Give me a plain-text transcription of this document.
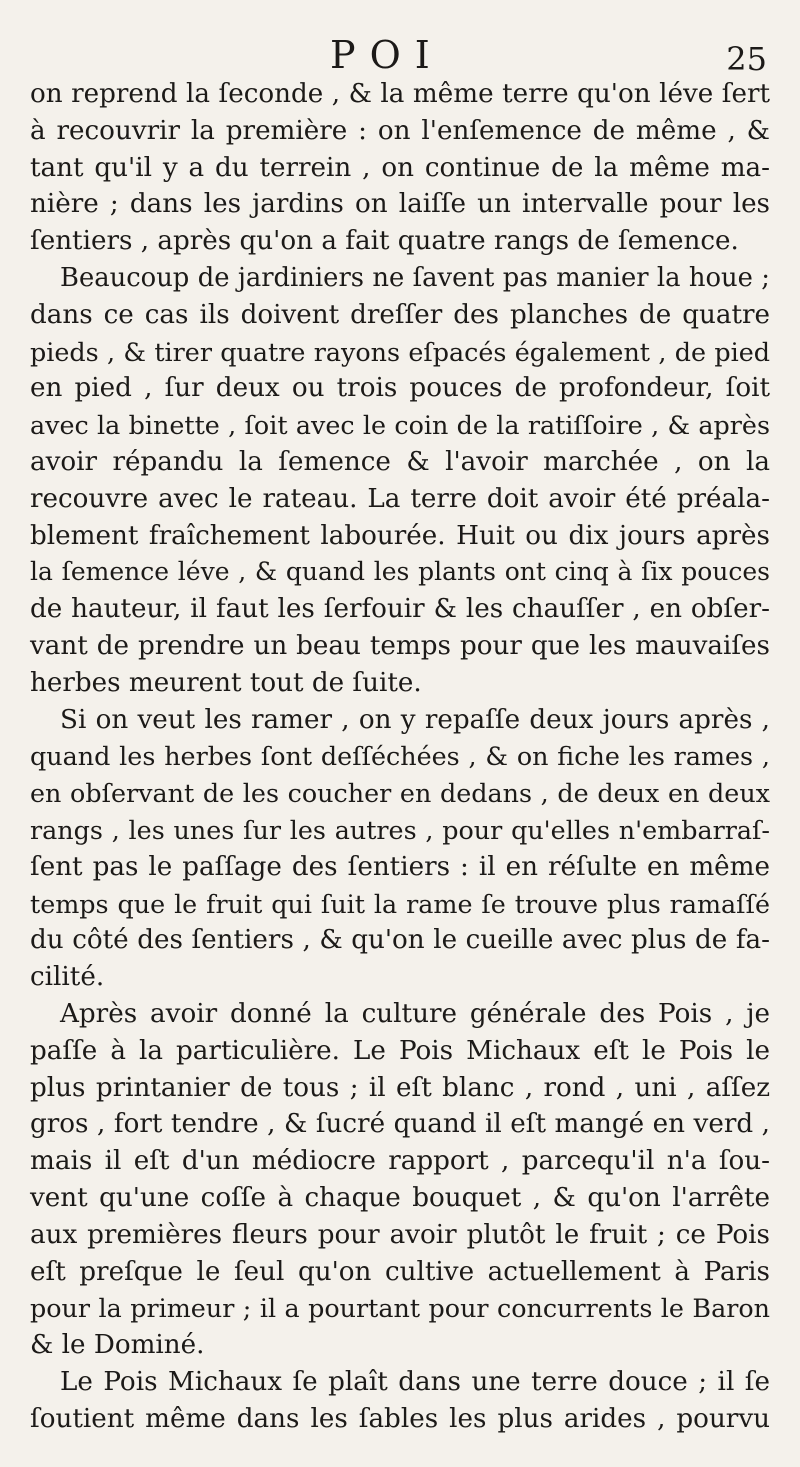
POI	25
on reprend la ſeconde , & la même terre qu'on léve ſert
à recouvrir la première : on l'enſemence de même , &
tant qu'il y a du terrein , on continue de la même ma-
nière ; dans les jardins on laiſſe un intervalle pour les
ſentiers , après qu'on a fait quatre rangs de ſemence.
Beaucoup de jardiniers ne ſavent pas manier la houe ;
dans ce cas ils doivent dreſſer des planches de quatre
pieds , & tirer quatre rayons eſpacés également , de pied
en pied , ſur deux ou trois pouces de profondeur, ſoit
avec la binette , ſoit avec le coin de la ratiſſoire , & après
avoir répandu la ſemence & l'avoir marchée , on la
recouvre avec le rateau. La terre doit avoir été préala-
blement fraîchement labourée. Huit ou dix jours après
la ſemence léve , & quand les plants ont cinq à ſix pouces
de hauteur, il faut les ſerfouir & les chauſſer , en obſer-
vant de prendre un beau temps pour que les mauvaiſes
herbes meurent tout de ſuite.
Si on veut les ramer , on y repaſſe deux jours après ,
quand les herbes ſont deſſéchées , & on fiche les rames ,
en obſervant de les coucher en dedans , de deux en deux
rangs , les unes ſur les autres , pour qu'elles n'embarraſ-
ſent pas le paſſage des ſentiers : il en réſulte en même
temps que le fruit qui ſuit la rame ſe trouve plus ramaſſé
du côté des ſentiers , & qu'on le cueille avec plus de fa-
cilité.
Après avoir donné la culture générale des Pois , je
paſſe à la particulière. Le Pois Michaux eſt le Pois le
plus printanier de tous ; il eſt blanc , rond , uni , aſſez
gros , fort tendre , & ſucré quand il eſt mangé en verd ,
mais il eſt d'un médiocre rapport , parcequ'il n'a ſou-
vent qu'une coſſe à chaque bouquet , & qu'on l'arrête
aux premières fleurs pour avoir plutôt le fruit ; ce Pois
eſt preſque le ſeul qu'on cultive actuellement à Paris
pour la primeur ; il a pourtant pour concurrents le Baron
& le Dominé.
Le Pois Michaux ſe plaît dans une terre douce ; il ſe
ſoutient même dans les ſables les plus arides , pourvu
